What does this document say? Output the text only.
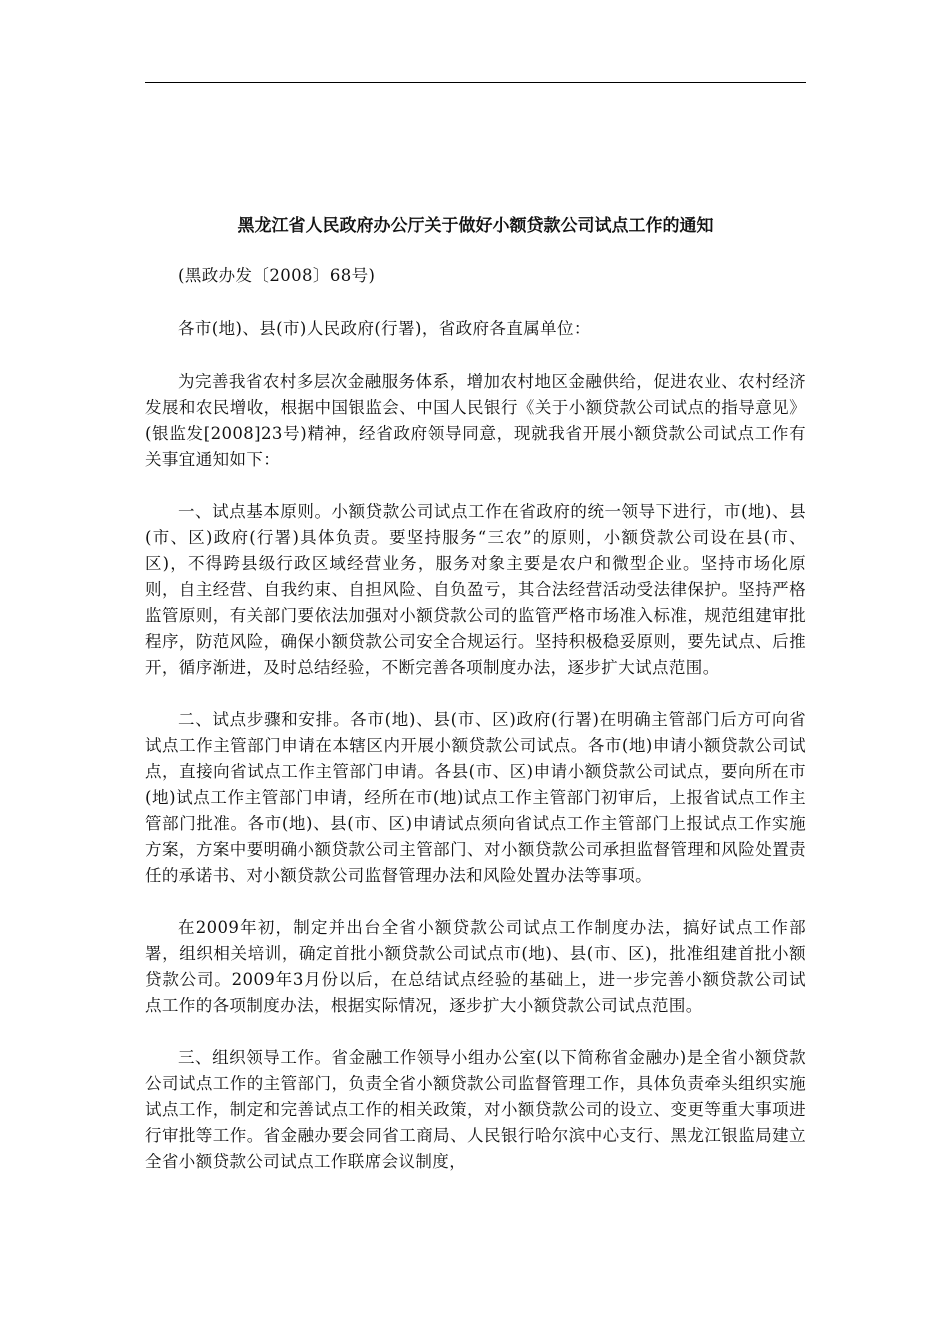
黑龙江省人民政府办公厅关于做好小额贷款公司试点工作的通知

(黑政办发〔2008〕68号)

各市(地)、县(市)人民政府(行署)，省政府各直属单位：

为完善我省农村多层次金融服务体系，增加农村地区金融供给，促进农业、农村经济发展和农民增收，根据中国银监会、中国人民银行《关于小额贷款公司试点的指导意见》(银监发[2008]23号)精神，经省政府领导同意，现就我省开展小额贷款公司试点工作有关事宜通知如下：

一、试点基本原则。小额贷款公司试点工作在省政府的统一领导下进行，市(地)、县(市、区)政府(行署)具体负责。要坚持服务“三农”的原则，小额贷款公司设在县(市、区)，不得跨县级行政区域经营业务，服务对象主要是农户和微型企业。坚持市场化原则，自主经营、自我约束、自担风险、自负盈亏，其合法经营活动受法律保护。坚持严格监管原则，有关部门要依法加强对小额贷款公司的监管严格市场准入标准，规范组建审批程序，防范风险，确保小额贷款公司安全合规运行。坚持积极稳妥原则，要先试点、后推开，循序渐进，及时总结经验，不断完善各项制度办法，逐步扩大试点范围。

二、试点步骤和安排。各市(地)、县(市、区)政府(行署)在明确主管部门后方可向省试点工作主管部门申请在本辖区内开展小额贷款公司试点。各市(地)申请小额贷款公司试点，直接向省试点工作主管部门申请。各县(市、区)申请小额贷款公司试点，要向所在市(地)试点工作主管部门申请，经所在市(地)试点工作主管部门初审后，上报省试点工作主管部门批准。各市(地)、县(市、区)申请试点须向省试点工作主管部门上报试点工作实施方案，方案中要明确小额贷款公司主管部门、对小额贷款公司承担监督管理和风险处置责任的承诺书、对小额贷款公司监督管理办法和风险处置办法等事项。

在2009年初，制定并出台全省小额贷款公司试点工作制度办法，搞好试点工作部署，组织相关培训，确定首批小额贷款公司试点市(地)、县(市、区)，批准组建首批小额贷款公司。2009年3月份以后，在总结试点经验的基础上，进一步完善小额贷款公司试点工作的各项制度办法，根据实际情况，逐步扩大小额贷款公司试点范围。

三、组织领导工作。省金融工作领导小组办公室(以下简称省金融办)是全省小额贷款公司试点工作的主管部门，负责全省小额贷款公司监督管理工作，具体负责牵头组织实施试点工作，制定和完善试点工作的相关政策，对小额贷款公司的设立、变更等重大事项进行审批等工作。省金融办要会同省工商局、人民银行哈尔滨中心支行、黑龙江银监局建立全省小额贷款公司试点工作联席会议制度，
